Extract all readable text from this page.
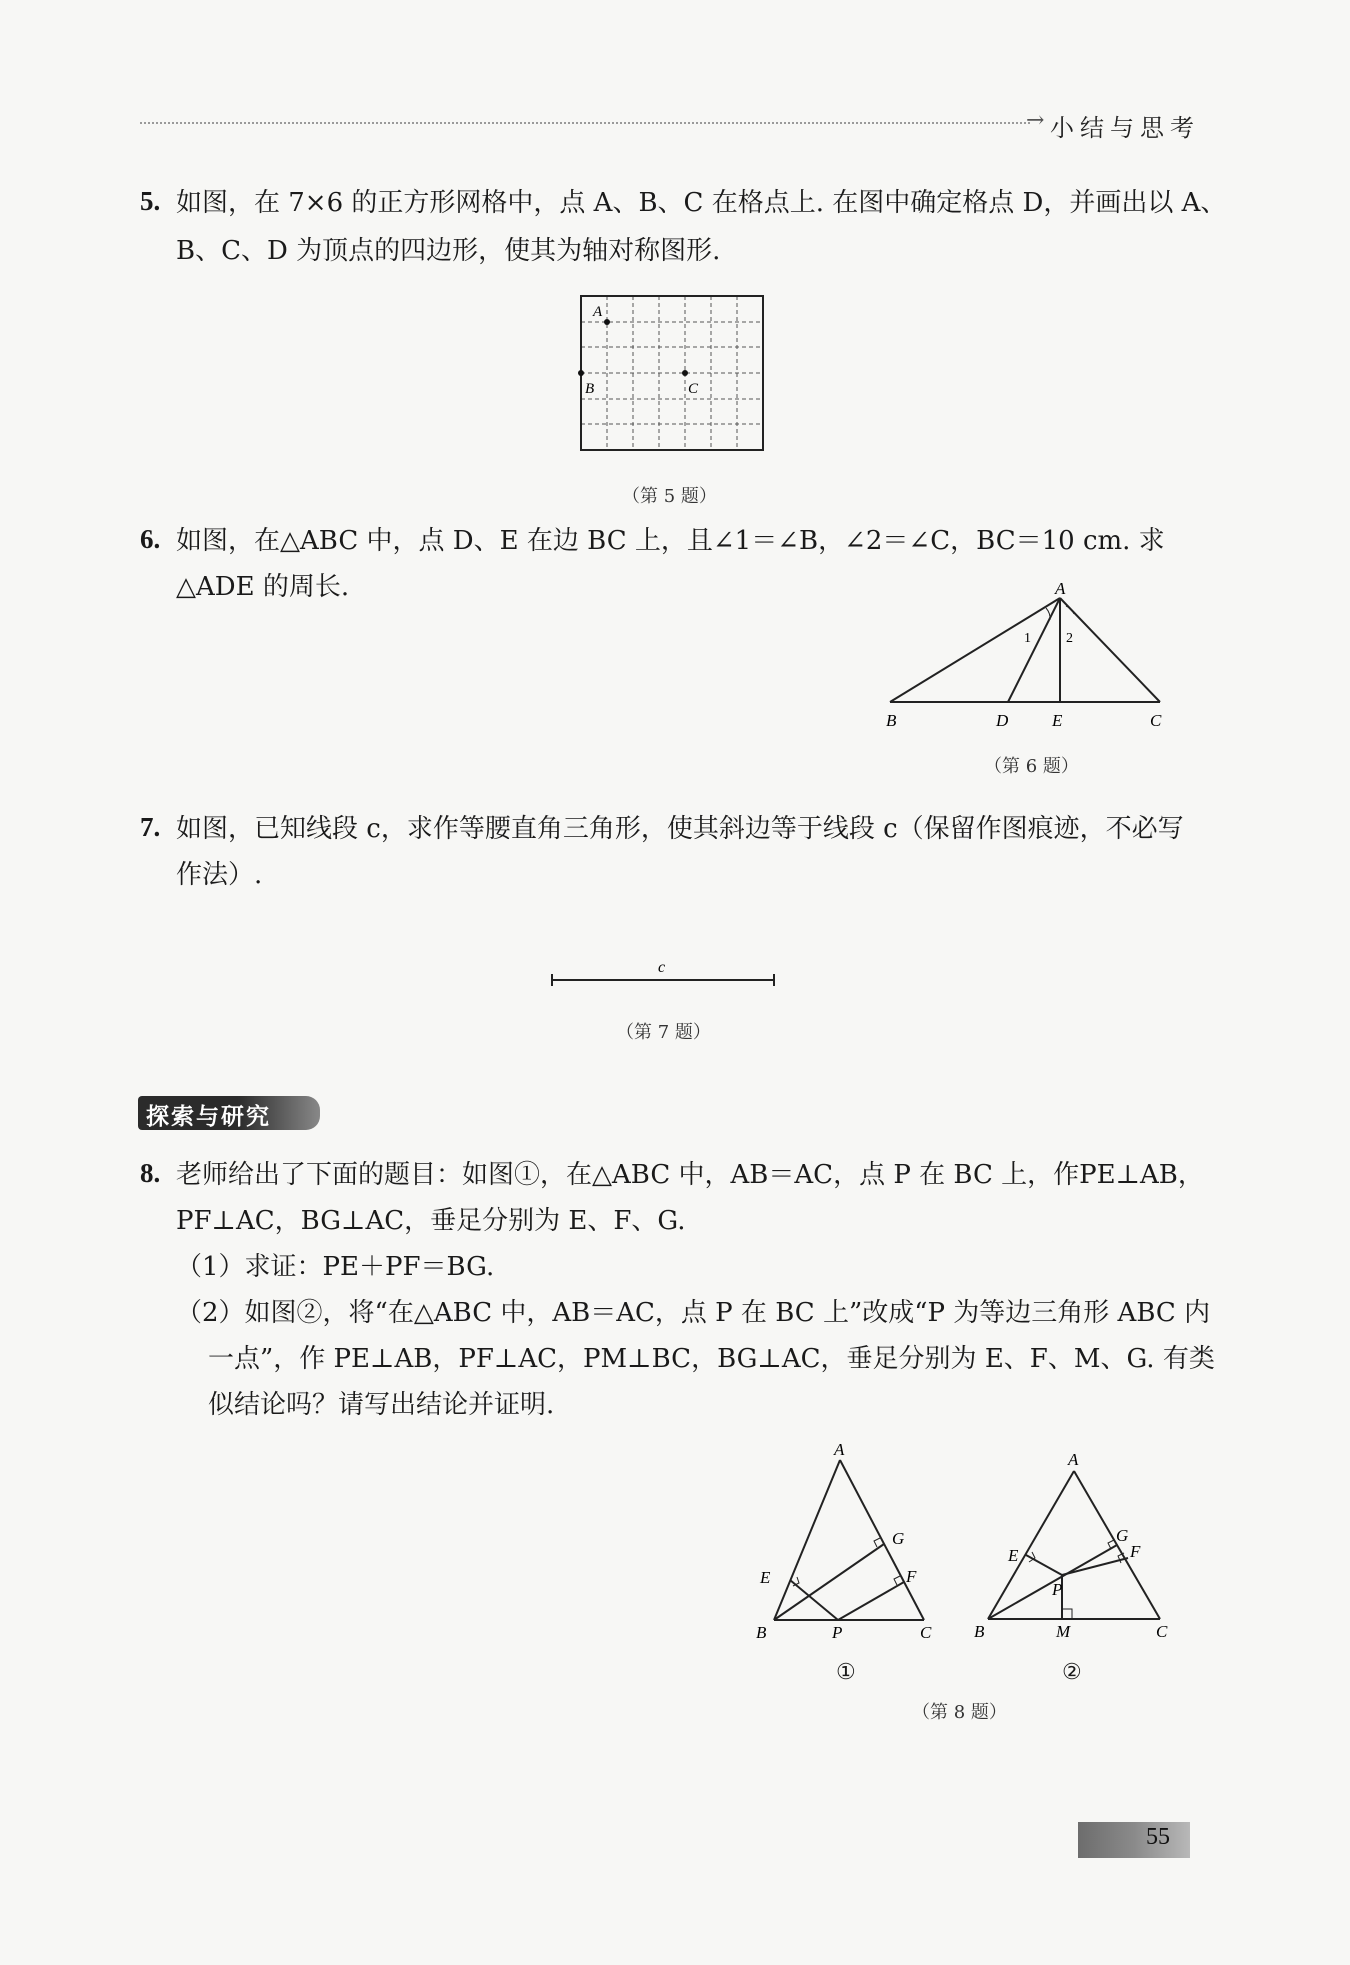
→ 小结与思考
5. 如图，在 7×6 的正方形网格中，点 A、B、C 在格点上. 在图中确定格点 D，并画出以 A、
B、C、D 为顶点的四边形，使其为轴对称图形.
A
B	C
（第 5 题）
6. 如图，在△ABC 中，点 D、E 在边 BC 上，且∠1＝∠B，∠2＝∠C，BC＝10 cm. 求
△ADE 的周长.	A
B	D	E	C
1	2
（第 6 题）
7. 如图，已知线段 c，求作等腰直角三角形，使其斜边等于线段 c（保留作图痕迹，不必写
作法）.
c
（第 7 题）
探索与研究
8. 老师给出了下面的题目：如图①，在△ABC 中，AB＝AC，点 P 在 BC 上，作PE⊥AB，
PF⊥AC，BG⊥AC，垂足分别为 E、F、G.
（1）求证：PE＋PF＝BG.
（2）如图②，将“在△ABC 中，AB＝AC，点 P 在 BC 上”改成“P 为等边三角形 ABC 内
一点”，作 PE⊥AB，PF⊥AC，PM⊥BC，BG⊥AC，垂足分别为 E、F、M、G. 有类
似结论吗？请写出结论并证明.
A
B	P	C
E	F
G
①
A
B	M	C
E	F
G
P
②
（第 8 题）
55
